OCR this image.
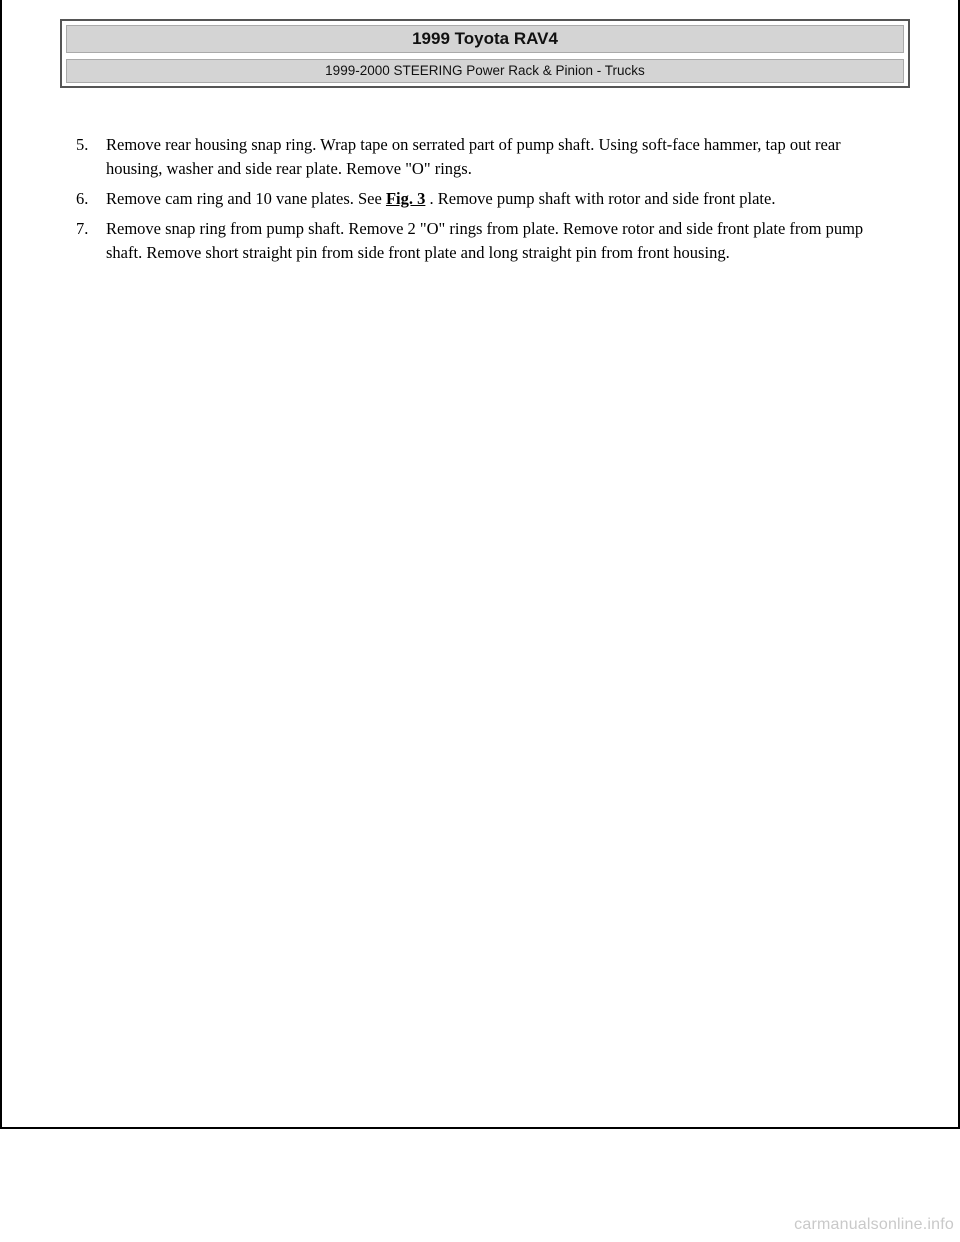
1999 Toyota RAV4
1999-2000 STEERING Power Rack & Pinion - Trucks
5. Remove rear housing snap ring. Wrap tape on serrated part of pump shaft. Using soft-face hammer, tap out rear housing, washer and side rear plate. Remove "O" rings.
6. Remove cam ring and 10 vane plates. See Fig. 3 . Remove pump shaft with rotor and side front plate.
7. Remove snap ring from pump shaft. Remove 2 "O" rings from plate. Remove rotor and side front plate from pump shaft. Remove short straight pin from side front plate and long straight pin from front housing.
carmanualsonline.info
